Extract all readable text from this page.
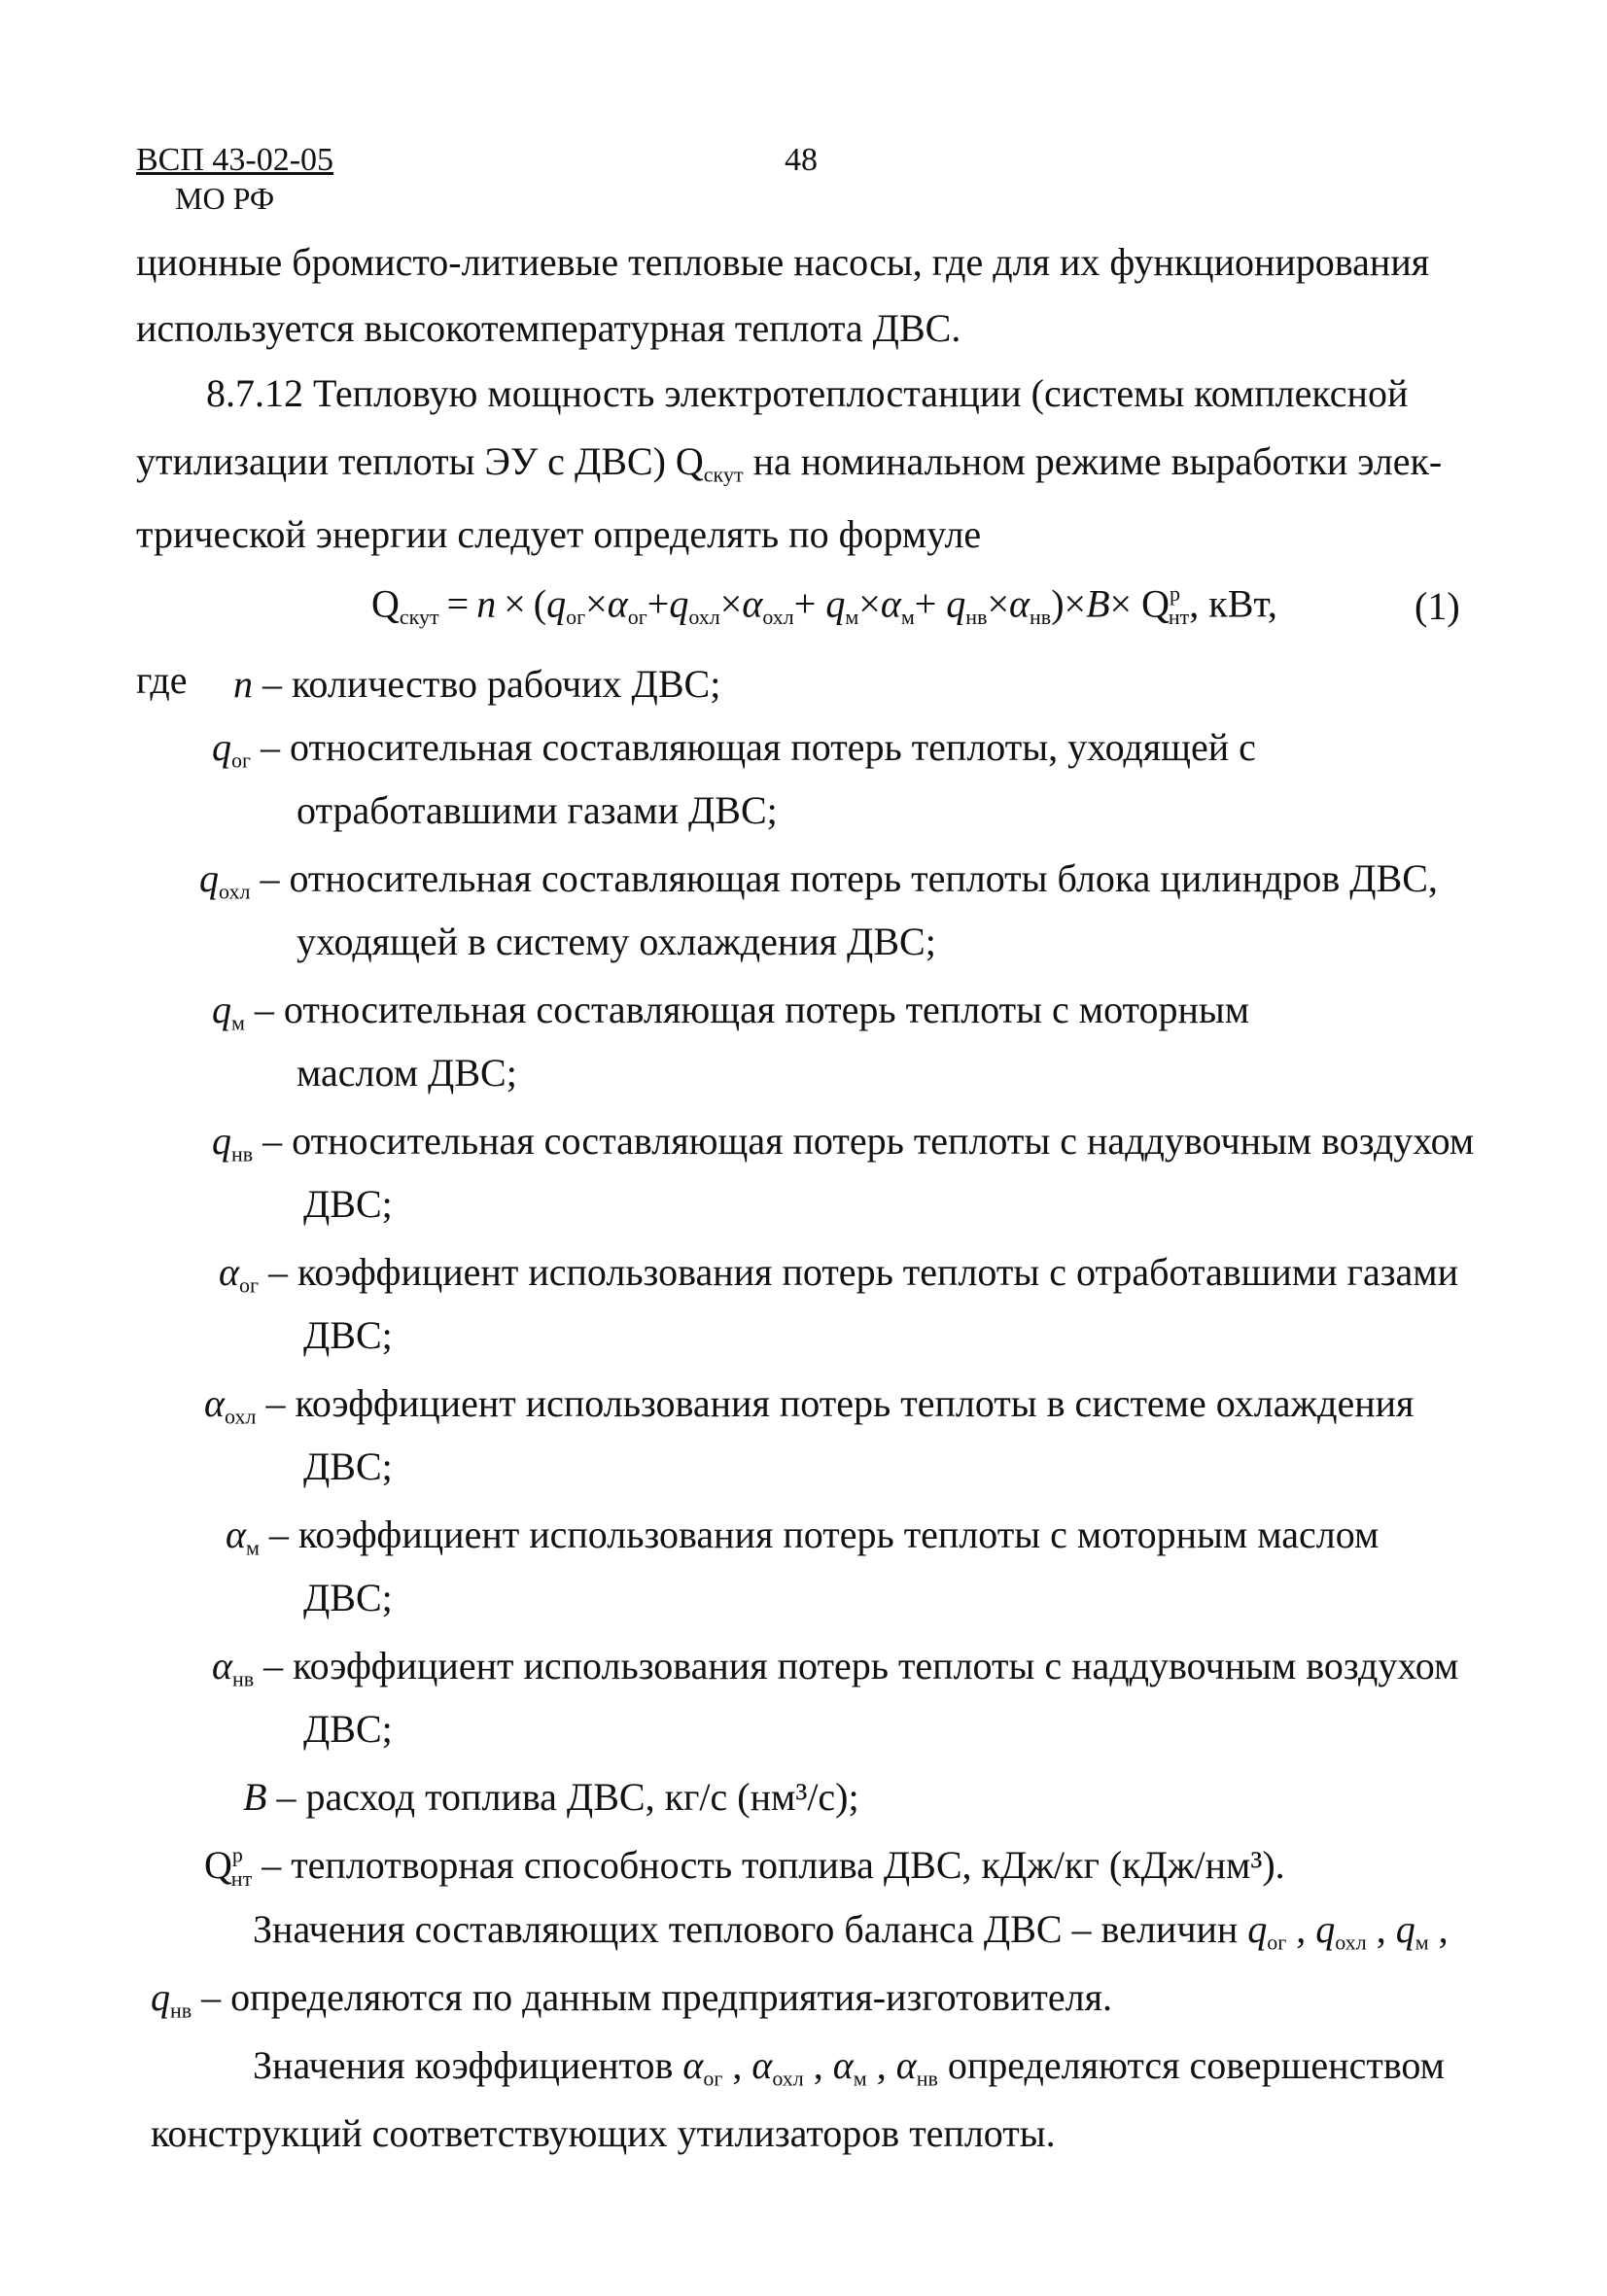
ВСП 43-02-05
МО РФ
48
ционные бромисто-литиевые тепловые насосы, где для их функционирования
используется высокотемпературная теплота ДВС.
8.7.12 Тепловую мощность электротеплостанции (системы комплексной
утилизации теплоты ЭУ с ДВС) $Q_{скут}$ на номинальном режиме выработки элек-
трической энергии следует определять по формуле
$Q_{скут} = n \times (q_{ог}\times\alpha_{ог}+q_{охл}\times\alpha_{охл}+ q_м\times\alpha_м+ q_{нв}\times\alpha_{нв})\times B\times Q^р_{нт}$, кВт,	(1)
где n – количество рабочих ДВС;
$q_{ог}$ – относительная составляющая потерь теплоты, уходящей с
отработавшими газами ДВС;
$q_{охл}$ – относительная составляющая потерь теплоты блока цилиндров ДВС,
уходящей в систему охлаждения ДВС;
$q_м$ – относительная составляющая потерь теплоты с моторным
маслом ДВС;
$q_{нв}$ – относительная составляющая потерь теплоты с наддувочным воздухом
ДВС;
$\alpha_{ог}$ – коэффициент использования потерь теплоты с отработавшими газами
ДВС;
$\alpha_{охл}$ – коэффициент использования потерь теплоты в системе охлаждения
ДВС;
$\alpha_м$ – коэффициент использования потерь теплоты с моторным маслом
ДВС;
$\alpha_{нв}$ – коэффициент использования потерь теплоты с наддувочным воздухом
ДВС;
B – расход топлива ДВС, кг/с (нм³/с);
$Q^р_{нт}$ – теплотворная способность топлива ДВС, кДж/кг (кДж/нм³).
Значения составляющих теплового баланса ДВС – величин $q_{ог}$ , $q_{охл}$ , $q_м$ ,
$q_{нв}$ – определяются по данным предприятия-изготовителя.
Значения коэффициентов $\alpha_{ог}$ , $\alpha_{охл}$ , $\alpha_м$ , $\alpha_{нв}$ определяются совершенством
конструкций соответствующих утилизаторов теплоты.
